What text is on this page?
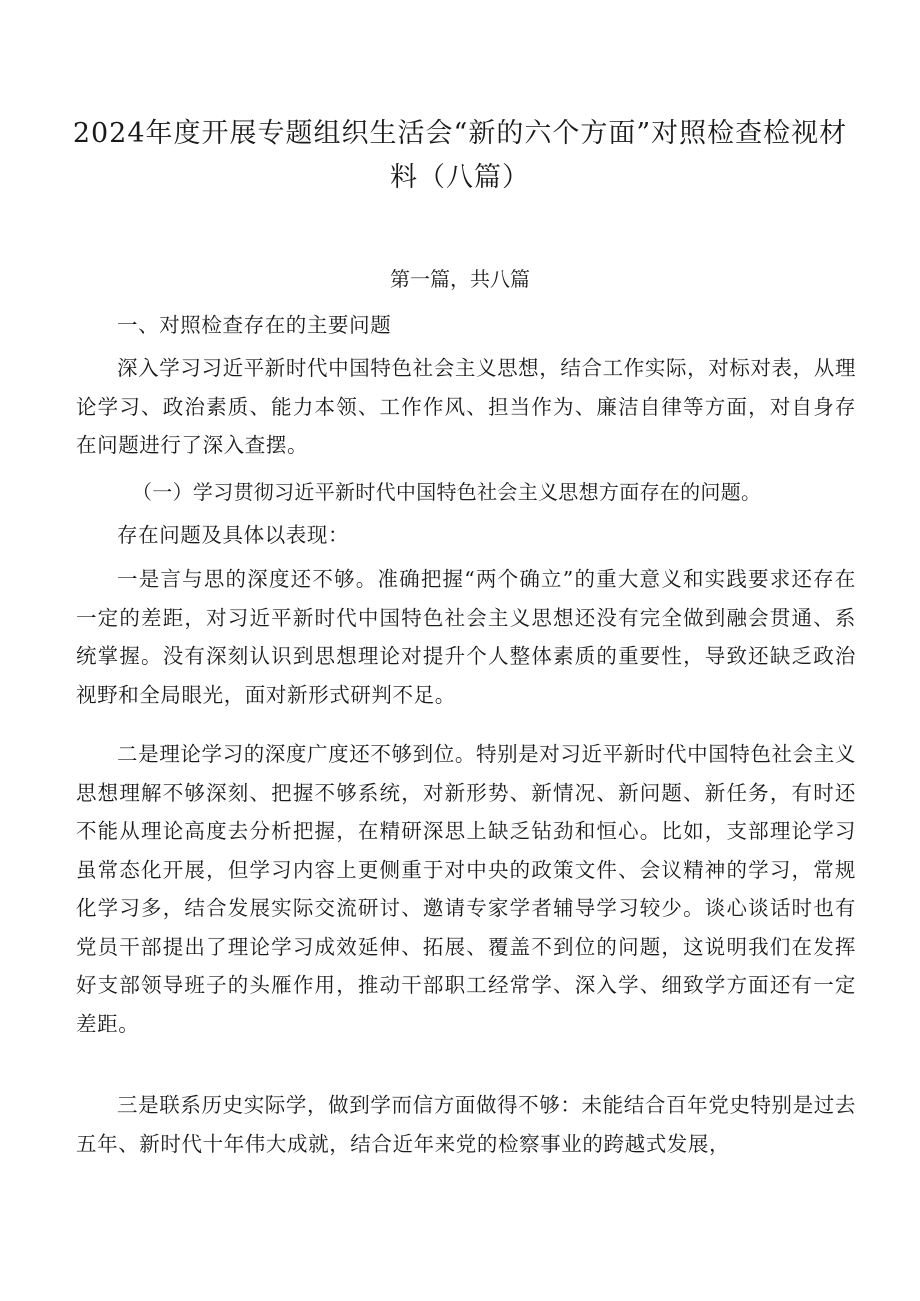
2024年度开展专题组织生活会“新的六个方面”对照检查检视材料（八篇）
第一篇，共八篇

一、对照检查存在的主要问题

深入学习习近平新时代中国特色社会主义思想，结合工作实际，对标对表，从理论学习、政治素质、能力本领、工作作风、担当作为、廉洁自律等方面，对自身存在问题进行了深入查摆。

（一）学习贯彻习近平新时代中国特色社会主义思想方面存在的问题。

存在问题及具体以表现：

一是言与思的深度还不够。准确把握“两个确立”的重大意义和实践要求还存在一定的差距，对习近平新时代中国特色社会主义思想还没有完全做到融会贯通、系统掌握。没有深刻认识到思想理论对提升个人整体素质的重要性，导致还缺乏政治视野和全局眼光，面对新形式研判不足。

二是理论学习的深度广度还不够到位。特别是对习近平新时代中国特色社会主义思想理解不够深刻、把握不够系统，对新形势、新情况、新问题、新任务，有时还不能从理论高度去分析把握，在精研深思上缺乏钻劲和恒心。比如，支部理论学习虽常态化开展，但学习内容上更侧重于对中央的政策文件、会议精神的学习，常规化学习多，结合发展实际交流研讨、邀请专家学者辅导学习较少。谈心谈话时也有党员干部提出了理论学习成效延伸、拓展、覆盖不到位的问题，这说明我们在发挥好支部领导班子的头雁作用，推动干部职工经常学、深入学、细致学方面还有一定差距。

三是联系历史实际学，做到学而信方面做得不够：未能结合百年党史特别是过去五年、新时代十年伟大成就，结合近年来党的检察事业的跨越式发展，
